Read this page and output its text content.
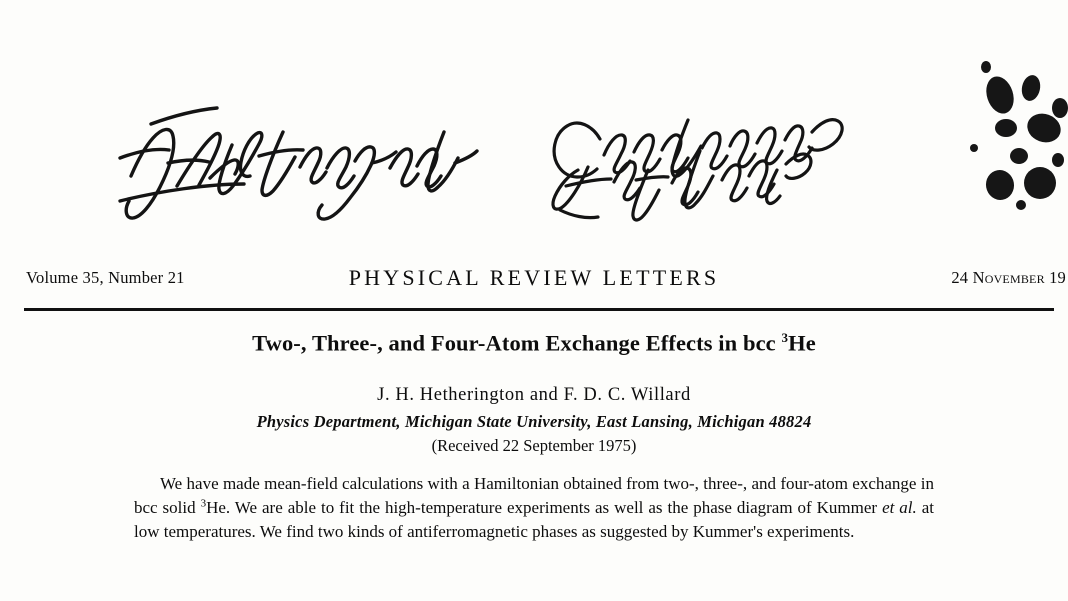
Volume 35, Number 21	PHYSICAL REVIEW LETTERS	24 November 19
Two-, Three-, and Four-Atom Exchange Effects in bcc $^3$He
J. H. Hetherington and F. D. C. Willard
Physics Department, Michigan State University, East Lansing, Michigan 48824
(Received 22 September 1975)
We have made mean-field calculations with a Hamiltonian obtained from two-, three-, and four-atom exchange in bcc solid $^3$He. We are able to fit the high-temperature experiments as well as the phase diagram of Kummer et al. at low temperatures. We find two kinds of antiferromagnetic phases as suggested by Kummer's experiments.
